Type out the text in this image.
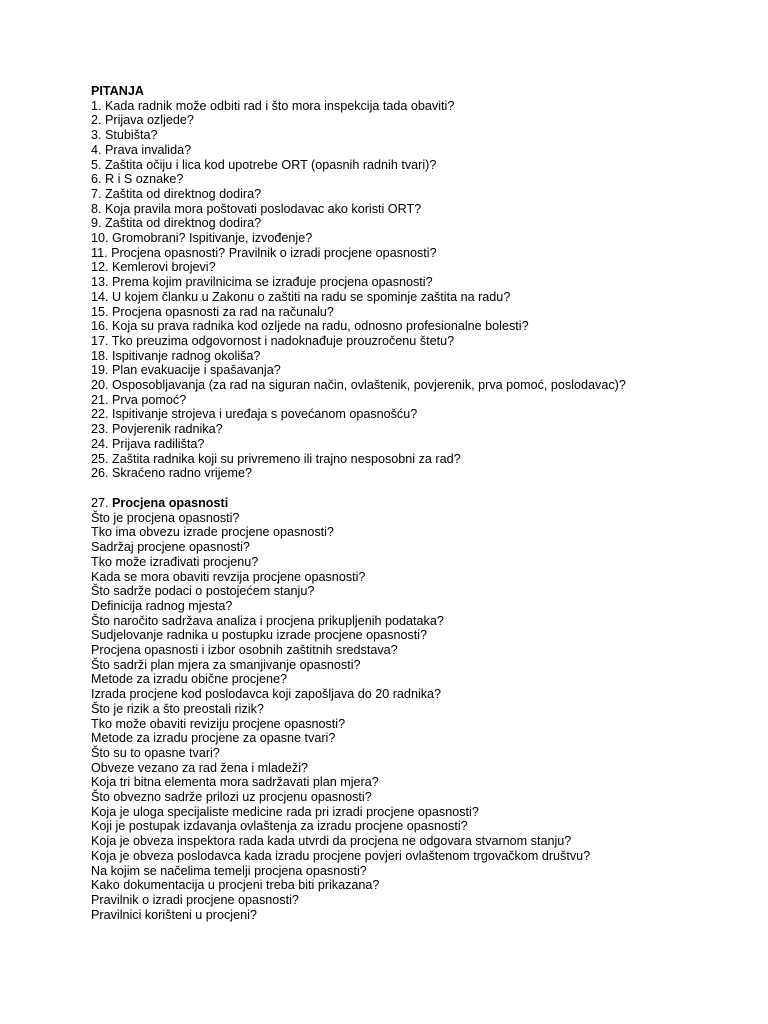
PITANJA
1. Kada radnik može odbiti rad i što mora inspekcija tada obaviti?
2. Prijava ozljede?
3. Stubišta?
4. Prava invalida?
5. Zaštita očiju i lica kod upotrebe ORT (opasnih radnih tvari)?
6. R i S oznake?
7. Zaštita od direktnog dodira?
8. Koja pravila mora poštovati poslodavac ako koristi ORT?
9. Zaštita od direktnog dodira?
10. Gromobrani? Ispitivanje, izvođenje?
11. Procjena opasnosti? Pravilnik o izradi procjene opasnosti?
12. Kemlerovi brojevi?
13. Prema kojim pravilnicima se izrađuje procjena opasnosti?
14. U kojem članku u Zakonu o zaštiti na radu se spominje zaštita na radu?
15. Procjena opasnosti za rad na računalu?
16. Koja su prava radnika kod ozljede na radu, odnosno profesionalne bolesti?
17. Tko preuzima odgovornost i nadoknađuje prouzročenu štetu?
18. Ispitivanje radnog okoliša?
19. Plan evakuacije i spašavanja?
20. Osposobljavanja (za rad na siguran način, ovlaštenik, povjerenik, prva pomoć, poslodavac)?
21. Prva pomoć?
22. Ispitivanje strojeva i uređaja s povećanom opasnošću?
23. Povjerenik radnika?
24. Prijava radilišta?
25. Zaštita radnika koji su privremeno ili trajno nesposobni za rad?
26. Skraćeno radno vrijeme?
27. Procjena opasnosti
Što je procjena opasnosti?
Tko ima obvezu izrade procjene opasnosti?
Sadržaj procjene opasnosti?
Tko može izrađivati procjenu?
Kada se mora obaviti revzija procjene opasnosti?
Što sadrže podaci o postojećem stanju?
Definicija radnog mjesta?
Što naročito sadržava analiza i procjena prikupljenih podataka?
Sudjelovanje radnika u postupku izrade procjene opasnosti?
Procjena opasnosti i izbor osobnih zaštitnih sredstava?
Što sadrži plan mjera za smanjivanje opasnosti?
Metode za izradu obične procjene?
Izrada procjene kod poslodavca koji zapošljava do 20 radnika?
Što je rizik a što preostali rizik?
Tko može obaviti reviziju procjene opasnosti?
Metode za izradu procjene za opasne tvari?
Što su to opasne tvari?
Obveze vezano za rad žena i mladeži?
Koja tri bitna elementa mora sadržavati plan mjera?
Što obvezno sadrže prilozi uz procjenu opasnosti?
Koja je uloga specijaliste medicine rada pri izradi procjene opasnosti?
Koji je postupak izdavanja ovlaštenja za izradu procjene opasnosti?
Koja je obveza inspektora rada kada utvrdi da procjena ne odgovara stvarnom stanju?
Koja je obveza poslodavca kada izradu procjene povjeri ovlaštenom trgovačkom društvu?
Na kojim se načelima temelji procjena opasnosti?
Kako dokumentacija u procjeni treba biti prikazana?
Pravilnik o izradi procjene opasnosti?
Pravilnici korišteni u procjeni?
